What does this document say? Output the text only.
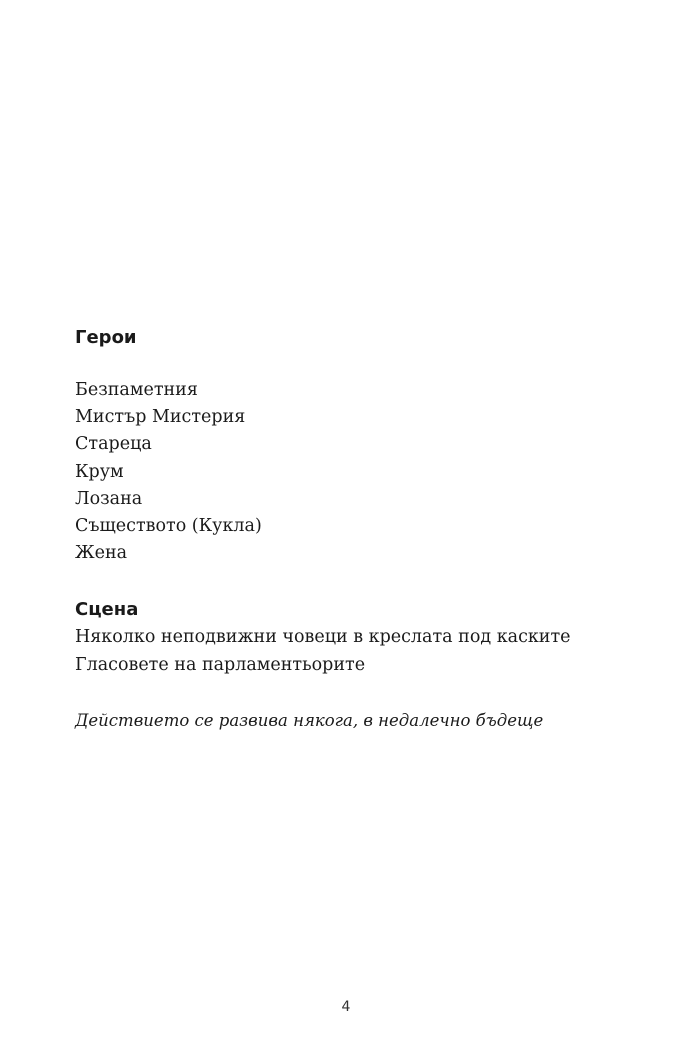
Герои
Безпаметния
Мистър Мистерия
Стареца
Крум
Лозана
Съществото (Кукла)
Жена
Сцена
Няколко неподвижни човеци в креслата под каските
Гласовете на парламентьорите

Действието се развива някога, в недалечно бъдеще

4
